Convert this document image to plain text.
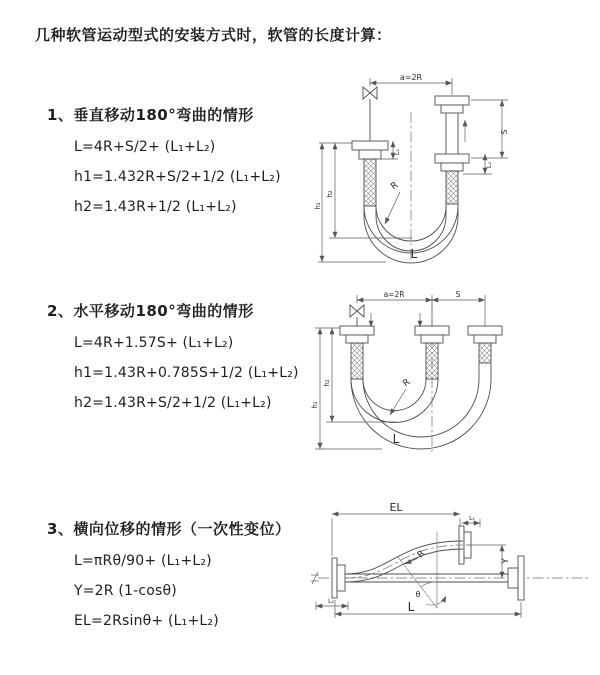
几种软管运动型式的安装方式时，软管的长度计算：
1、垂直移动180°弯曲的情形
L=4R+S/2+ (L₁+L₂)
h1=1.432R+S/2+1/2 (L₁+L₂)
h2=1.43R+1/2 (L₁+L₂)
2、水平移动180°弯曲的情形
L=4R+1.57S+ (L₁+L₂)
h1=1.43R+0.785S+1/2 (L₁+L₂)
h2=1.43R+S/2+1/2 (L₁+L₂)
3、横向位移的情形（一次性变位）
L=πRθ/90+ (L₁+L₂)
Y=2R (1-cosθ)
EL=2Rsinθ+ (L₁+L₂)
a=2R
L₁
S
L₂
h₂
h₁
R
L
a=2R	S
h₂
h₁
R
L
EL
L₁
R
θ
Y
L₂	L
